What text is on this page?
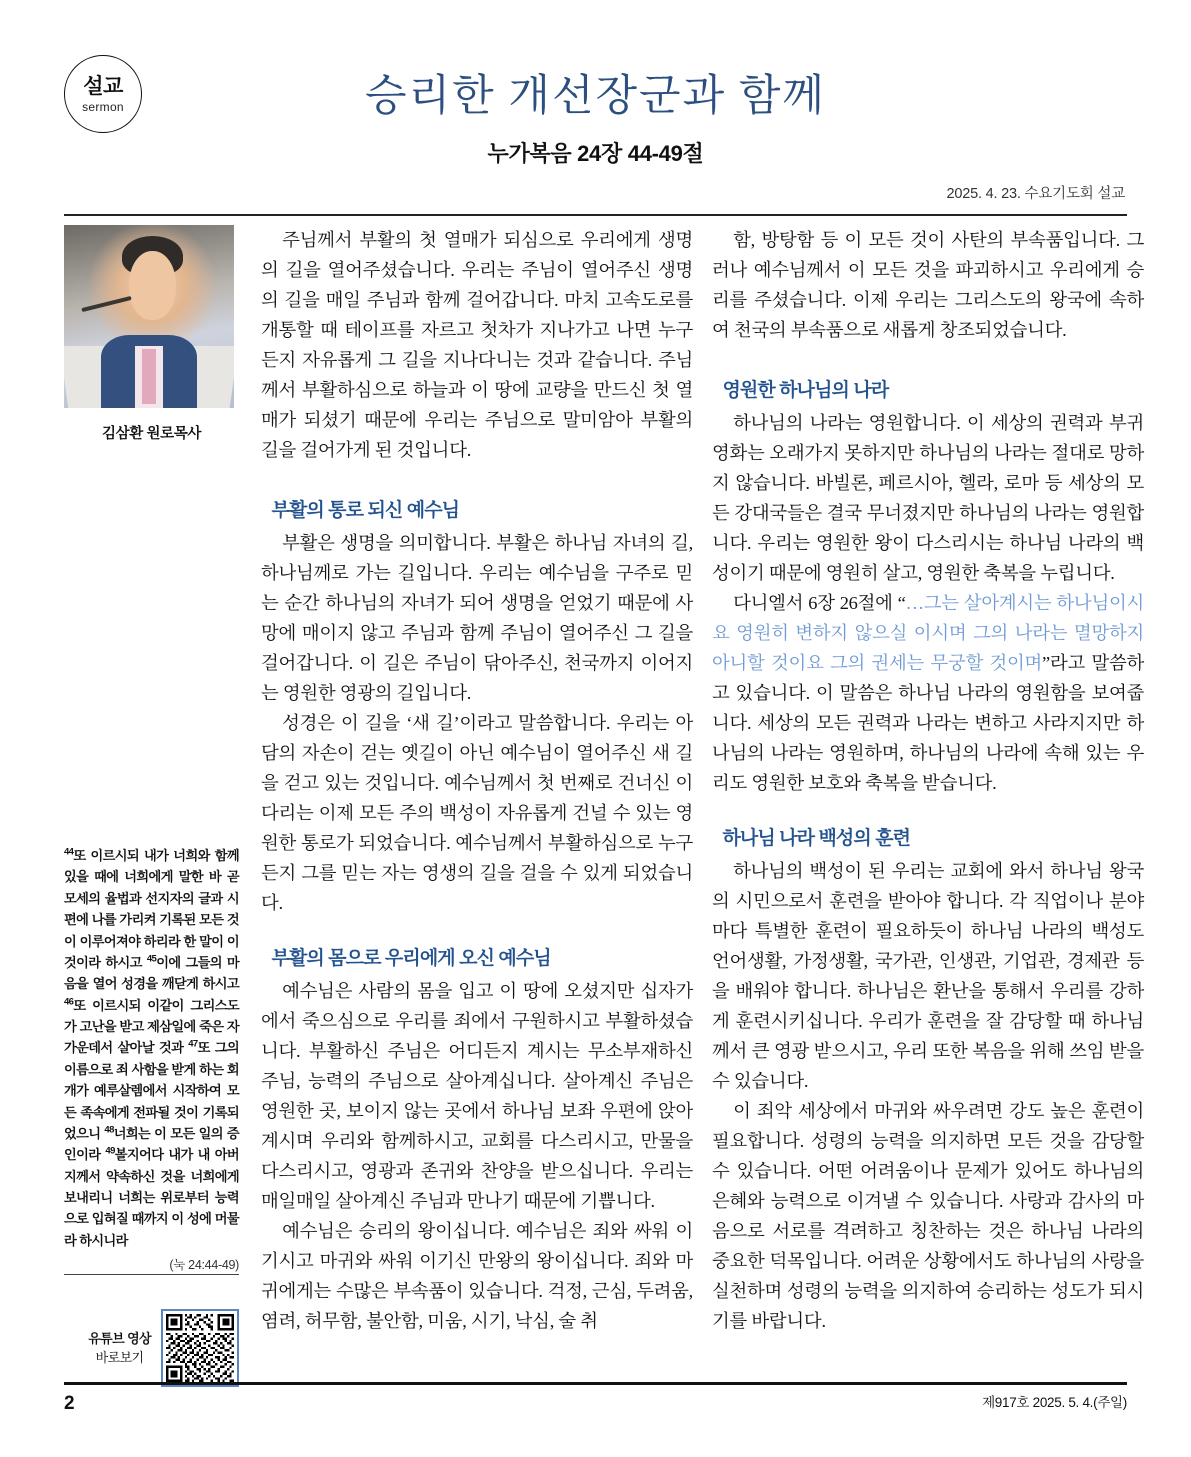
설교
sermon	승리한 개선장군과 함께
누가복음 24장 44-49절
2025. 4. 23. 수요기도회 설교
김삼환 원로목사
$^{44}$또 이르시되 내가 너희와 함께 있을 때에 너희에게 말한 바 곧 모세의 율법과 선지자의 글과 시편에 나를 가리켜 기록된 모든 것이 이루어져야 하리라 한 말이 이것이라 하시고 $^{45}$이에 그들의 마음을 열어 성경을 깨닫게 하시고 $^{46}$또 이르시되 이같이 그리스도가 고난을 받고 제삼일에 죽은 자 가운데서 살아날 것과 $^{47}$또 그의 이름으로 죄 사함을 받게 하는 회개가 예루살렘에서 시작하여 모든 족속에게 전파될 것이 기록되었으니 $^{48}$너희는 이 모든 일의 증인이라 $^{49}$볼지어다 내가 내 아버지께서 약속하신 것을 너희에게 보내리니 너희는 위로부터 능력으로 입혀질 때까지 이 성에 머물라 하시니라
(눅 24:44-49)
유튜브 영상
바로보기

주님께서 부활의 첫 열매가 되심으로 우리에게 생명의 길을 열어주셨습니다. 우리는 주님이 열어주신 생명의 길을 매일 주님과 함께 걸어갑니다. 마치 고속도로를 개통할 때 테이프를 자르고 첫차가 지나가고 나면 누구든지 자유롭게 그 길을 지나다니는 것과 같습니다. 주님께서 부활하심으로 하늘과 이 땅에 교량을 만드신 첫 열매가 되셨기 때문에 우리는 주님으로 말미암아 부활의 길을 걸어가게 된 것입니다.

부활의 통로 되신 예수님

부활은 생명을 의미합니다. 부활은 하나님 자녀의 길, 하나님께로 가는 길입니다. 우리는 예수님을 구주로 믿는 순간 하나님의 자녀가 되어 생명을 얻었기 때문에 사망에 매이지 않고 주님과 함께 주님이 열어주신 그 길을 걸어갑니다. 이 길은 주님이 닦아주신, 천국까지 이어지는 영원한 영광의 길입니다.

성경은 이 길을 ‘새 길’이라고 말씀합니다. 우리는 아담의 자손이 걷는 옛길이 아닌 예수님이 열어주신 새 길을 걷고 있는 것입니다. 예수님께서 첫 번째로 건너신 이 다리는 이제 모든 주의 백성이 자유롭게 건널 수 있는 영원한 통로가 되었습니다. 예수님께서 부활하심으로 누구든지 그를 믿는 자는 영생의 길을 걸을 수 있게 되었습니다.

부활의 몸으로 우리에게 오신 예수님

예수님은 사람의 몸을 입고 이 땅에 오셨지만 십자가에서 죽으심으로 우리를 죄에서 구원하시고 부활하셨습니다. 부활하신 주님은 어디든지 계시는 무소부재하신 주님, 능력의 주님으로 살아계십니다. 살아계신 주님은 영원한 곳, 보이지 않는 곳에서 하나님 보좌 우편에 앉아 계시며 우리와 함께하시고, 교회를 다스리시고, 만물을 다스리시고, 영광과 존귀와 찬양을 받으십니다. 우리는 매일매일 살아계신 주님과 만나기 때문에 기쁩니다.

예수님은 승리의 왕이십니다. 예수님은 죄와 싸워 이기시고 마귀와 싸워 이기신 만왕의 왕이십니다. 죄와 마귀에게는 수많은 부속품이 있습니다. 걱정, 근심, 두려움, 염려, 허무함, 불안함, 미움, 시기, 낙심, 술 취

함, 방탕함 등 이 모든 것이 사탄의 부속품입니다. 그러나 예수님께서 이 모든 것을 파괴하시고 우리에게 승리를 주셨습니다. 이제 우리는 그리스도의 왕국에 속하여 천국의 부속품으로 새롭게 창조되었습니다.

영원한 하나님의 나라

하나님의 나라는 영원합니다. 이 세상의 권력과 부귀영화는 오래가지 못하지만 하나님의 나라는 절대로 망하지 않습니다. 바빌론, 페르시아, 헬라, 로마 등 세상의 모든 강대국들은 결국 무너졌지만 하나님의 나라는 영원합니다. 우리는 영원한 왕이 다스리시는 하나님 나라의 백성이기 때문에 영원히 살고, 영원한 축복을 누립니다.

다니엘서 6장 26절에 “…그는 살아계시는 하나님이시요 영원히 변하지 않으실 이시며 그의 나라는 멸망하지 아니할 것이요 그의 권세는 무궁할 것이며”라고 말씀하고 있습니다. 이 말씀은 하나님 나라의 영원함을 보여줍니다. 세상의 모든 권력과 나라는 변하고 사라지지만 하나님의 나라는 영원하며, 하나님의 나라에 속해 있는 우리도 영원한 보호와 축복을 받습니다.

하나님 나라 백성의 훈련

하나님의 백성이 된 우리는 교회에 와서 하나님 왕국의 시민으로서 훈련을 받아야 합니다. 각 직업이나 분야마다 특별한 훈련이 필요하듯이 하나님 나라의 백성도 언어생활, 가정생활, 국가관, 인생관, 기업관, 경제관 등을 배워야 합니다. 하나님은 환난을 통해서 우리를 강하게 훈련시키십니다. 우리가 훈련을 잘 감당할 때 하나님께서 큰 영광 받으시고, 우리 또한 복음을 위해 쓰임 받을 수 있습니다.

이 죄악 세상에서 마귀와 싸우려면 강도 높은 훈련이 필요합니다. 성령의 능력을 의지하면 모든 것을 감당할 수 있습니다. 어떤 어려움이나 문제가 있어도 하나님의 은혜와 능력으로 이겨낼 수 있습니다. 사랑과 감사의 마음으로 서로를 격려하고 칭찬하는 것은 하나님 나라의 중요한 덕목입니다. 어려운 상황에서도 하나님의 사랑을 실천하며 성령의 능력을 의지하여 승리하는 성도가 되시기를 바랍니다.

2	제917호 2025. 5. 4.(주일)
